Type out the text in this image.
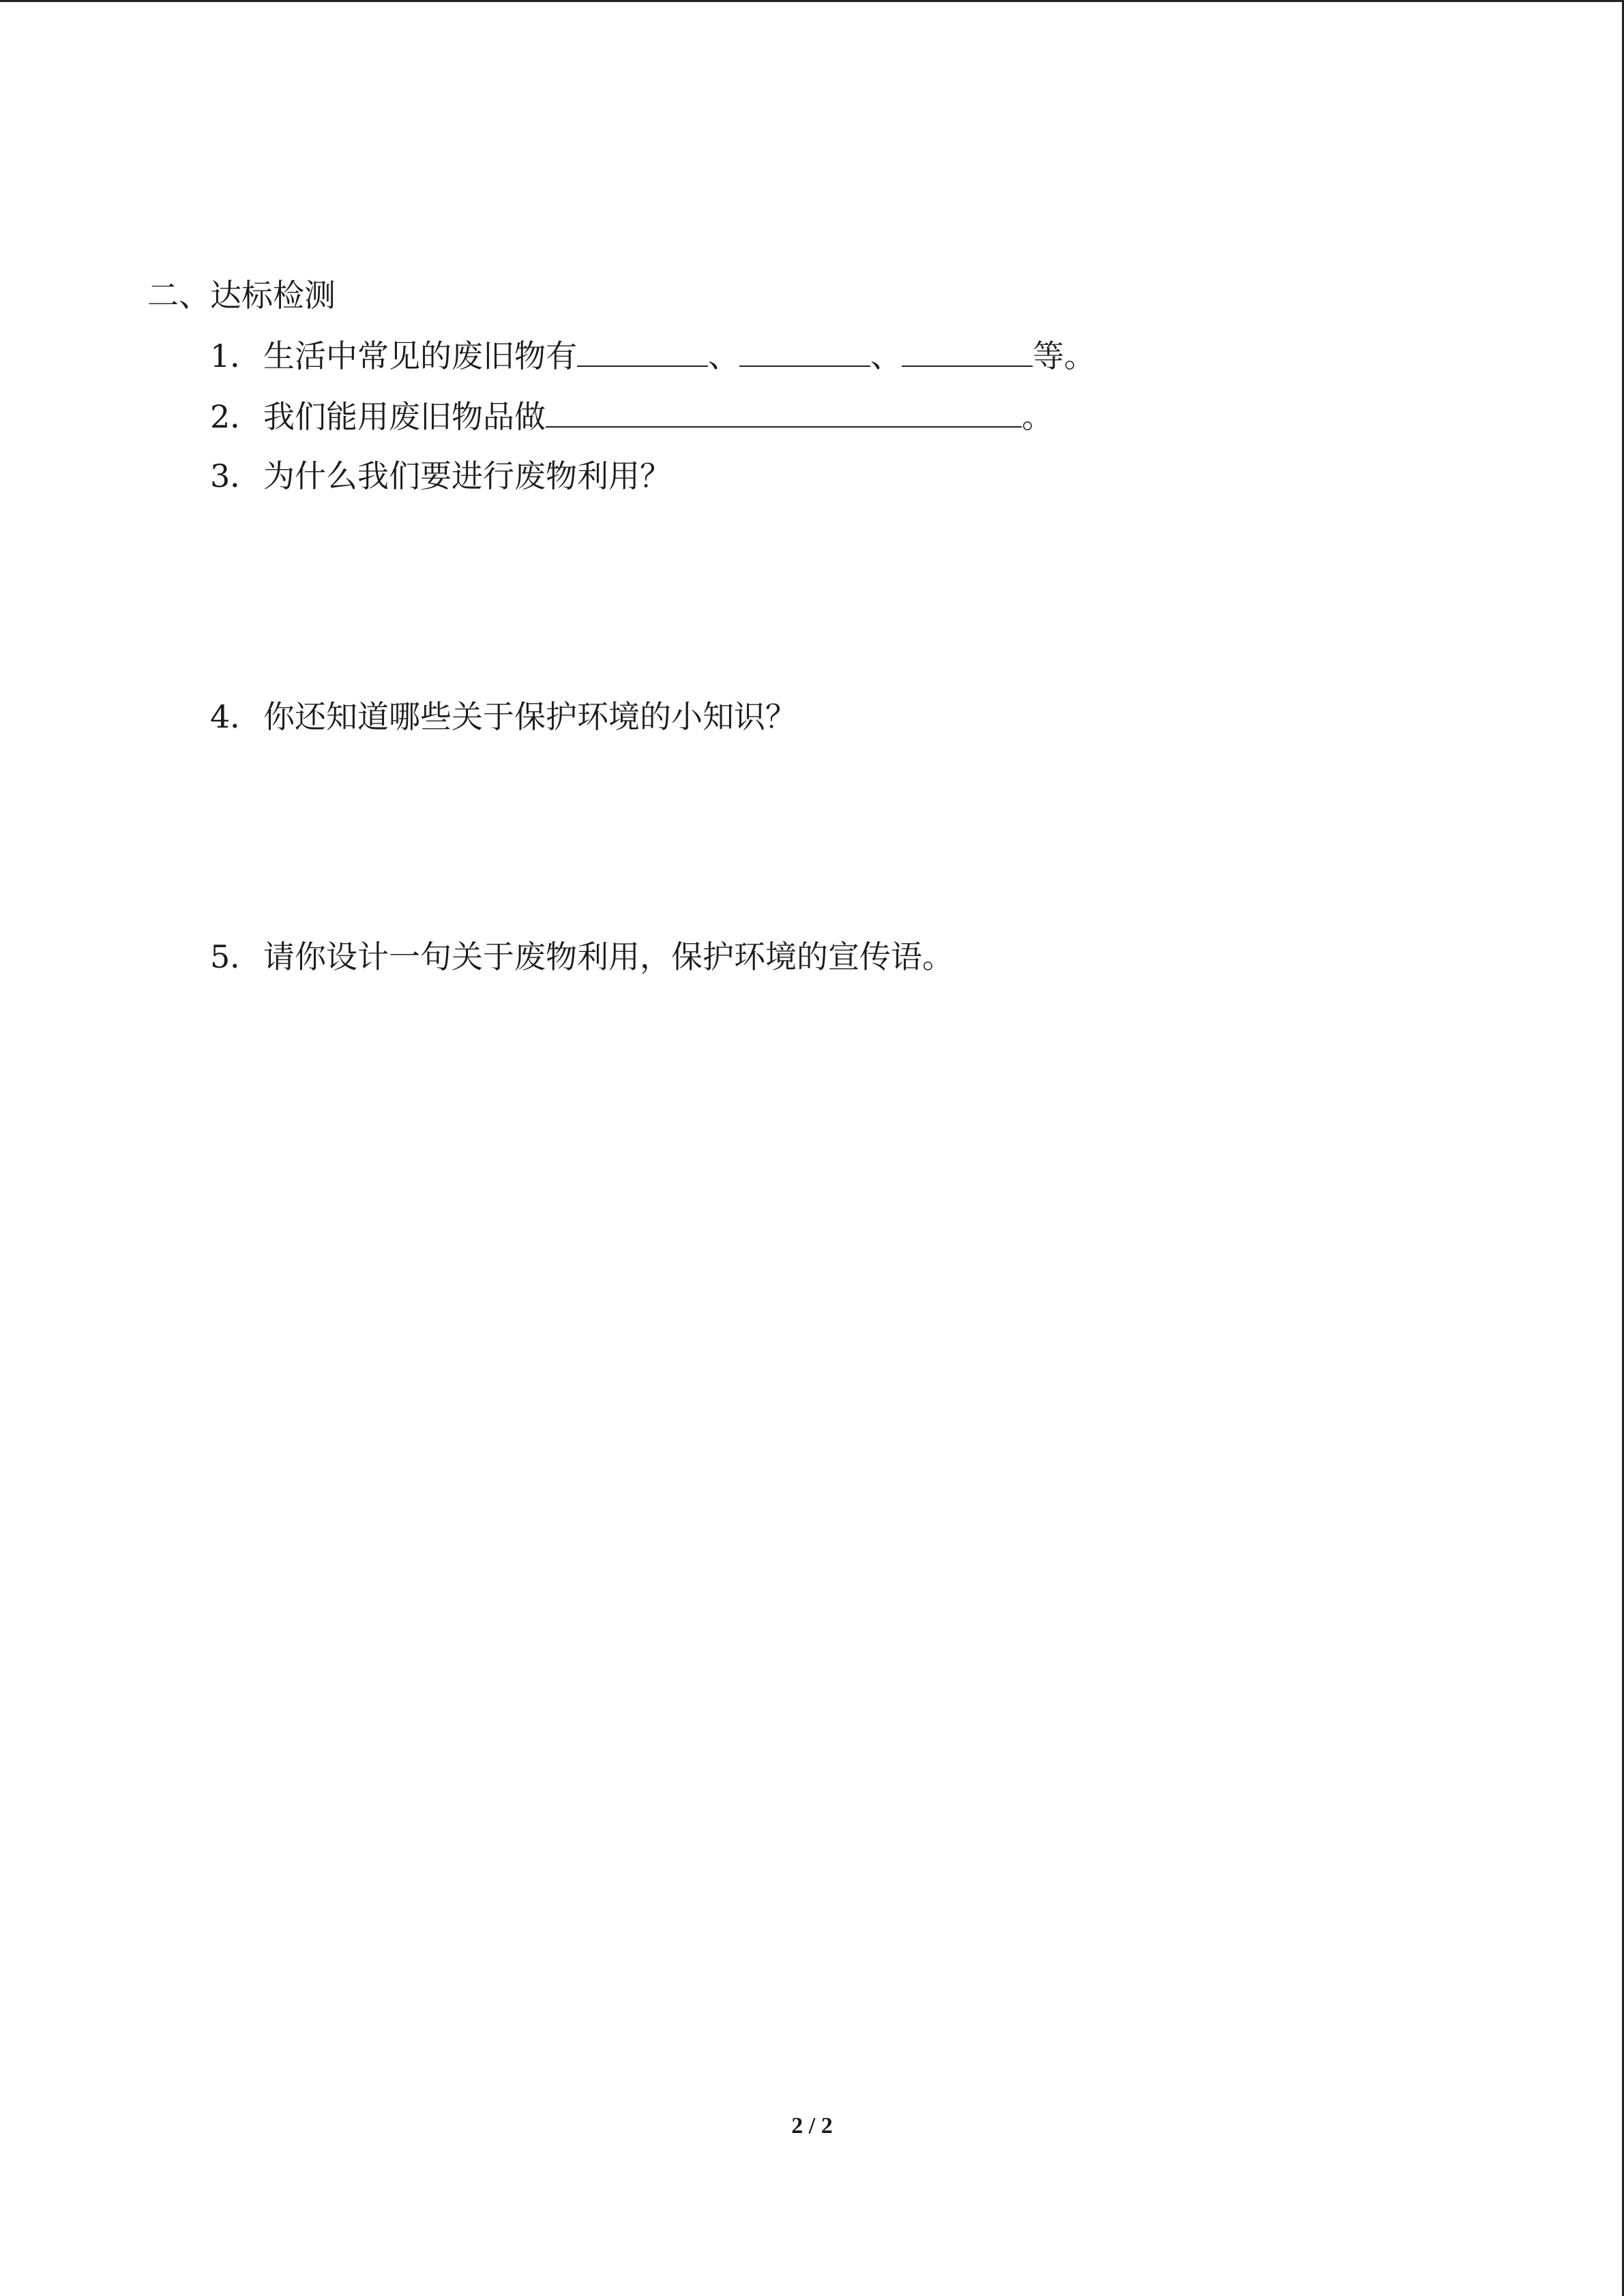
二、达标检测
1．生活中常见的废旧物有	、	、	等。
2．我们能用废旧物品做	。
3．为什么我们要进行废物利用？
4．你还知道哪些关于保护环境的小知识？
5．请你设计一句关于废物利用，保护环境的宣传语。
2 / 2
